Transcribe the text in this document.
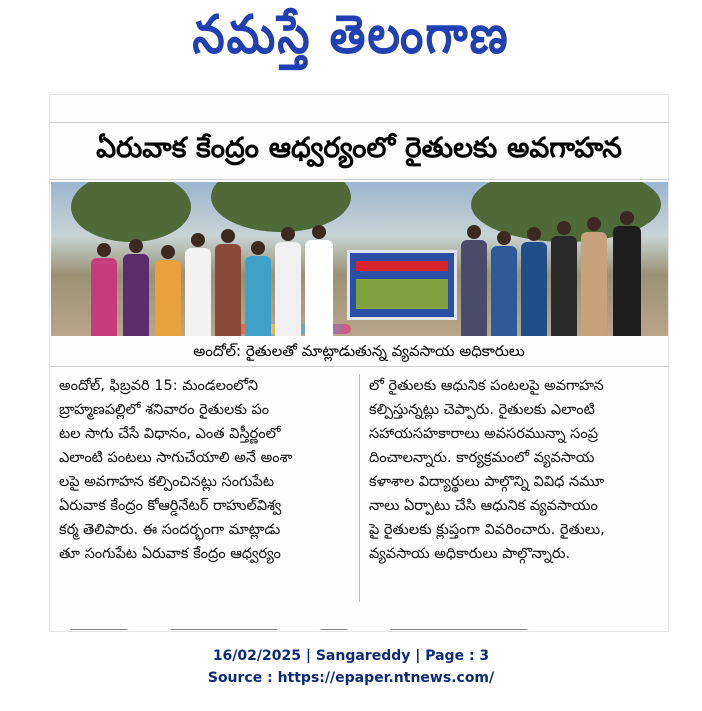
నమస్తే తెలంగాణ
ఏరువాక కేంద్రం ఆధ్వర్యంలో రైతులకు అవగాహన
అందోల్: రైతులతో మాట్లాడుతున్న వ్యవసాయ అధికారులు
అందోల్, ఫిబ్రవరి 15: మండలంలోని
బ్రాహ్మణపల్లిలో శనివారం రైతులకు పం
టల సాగు చేసే విధానం, ఎంత విస్తీర్ణంలో
ఎలాంటి పంటలు సాగుచేయాలి అనే అంశా
లపై అవగాహన కల్పించినట్లు సంగుపేట
ఏరువాక కేంద్రం కోఆర్డినేటర్ రాహుల్‌విశ్వ
కర్మ తెలిపారు. ఈ సందర్భంగా మాట్లాడు
తూ సంగుపేట ఏరువాక కేంద్రం ఆధ్వర్యం
లో రైతులకు ఆధునిక పంటలపై అవగాహన
కల్పిస్తున్నట్లు చెప్పారు. రైతులకు ఎలాంటి
సహాయసహకారాలు అవసరమున్నా సంప్ర
దించాలన్నారు. కార్యక్రమంలో వ్యవసాయ
కళాశాల విద్యార్థులు పాల్గొన్ని వివిధ నమూ
నాలు ఏర్పాటు చేసి ఆధునిక వ్యవసాయం
పై రైతులకు క్లుప్తంగా వివరించారు. రైతులు,
వ్యవసాయ అధికారులు పాల్గొన్నారు.
16/02/2025 | Sangareddy | Page : 3
Source : https://epaper.ntnews.com/
